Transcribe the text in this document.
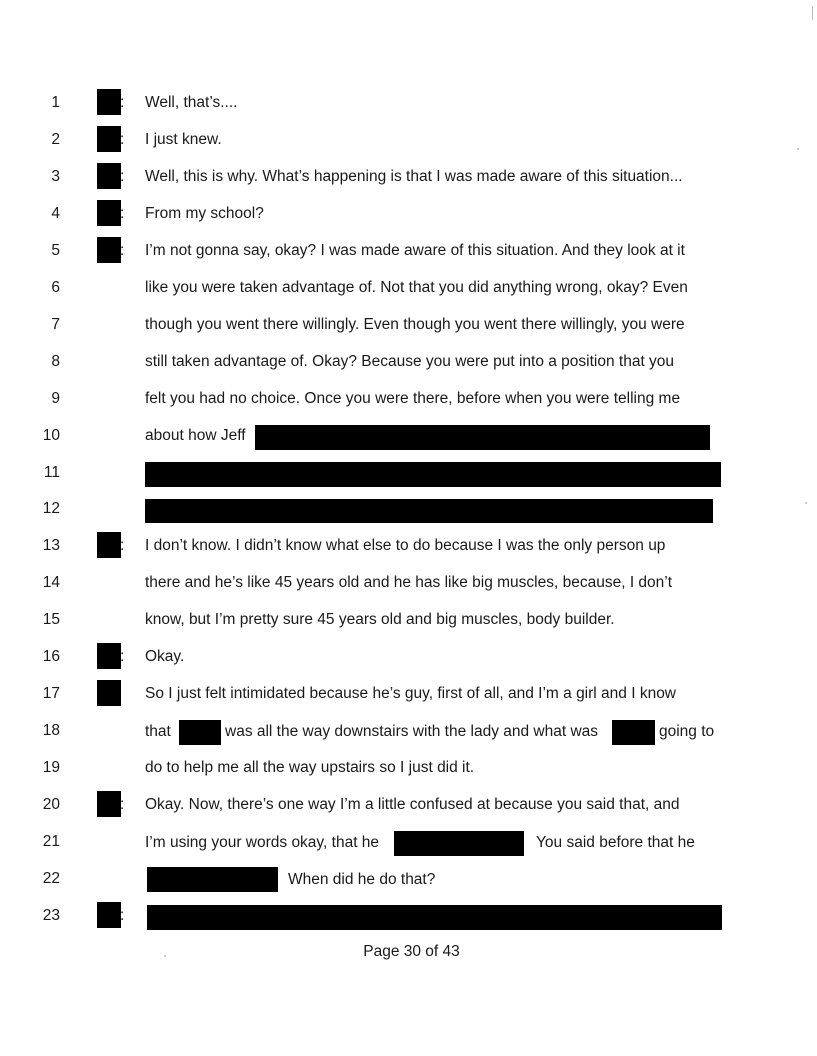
1	: Well, that’s....
2	: I just knew.
3	: Well, this is why. What’s happening is that I was made aware of this situation...
4	: From my school?
5	: I’m not gonna say, okay? I was made aware of this situation. And they look at it
6	like you were taken advantage of. Not that you did anything wrong, okay? Even
7	though you went there willingly. Even though you went there willingly, you were
8	still taken advantage of. Okay? Because you were put into a position that you
9	felt you had no choice. Once you were there, before when you were telling me
10	about how Jeff
11
12
13	: I don’t know. I didn’t know what else to do because I was the only person up
14	there and he’s like 45 years old and he has like big muscles, because, I don’t
15	know, but I’m pretty sure 45 years old and big muscles, body builder.
16	: Okay.
17	So I just felt intimidated because he’s guy, first of all, and I’m a girl and I know
18
19	do to help me all the way upstairs so I just did it.
20	: Okay. Now, there’s one way I’m a little confused at because you said that, and
21
22
23	:
that	was all the way downstairs with the lady and what was	going to
I’m using your words okay, that he	You said before that he
When did he do that?
Page 30 of 43
